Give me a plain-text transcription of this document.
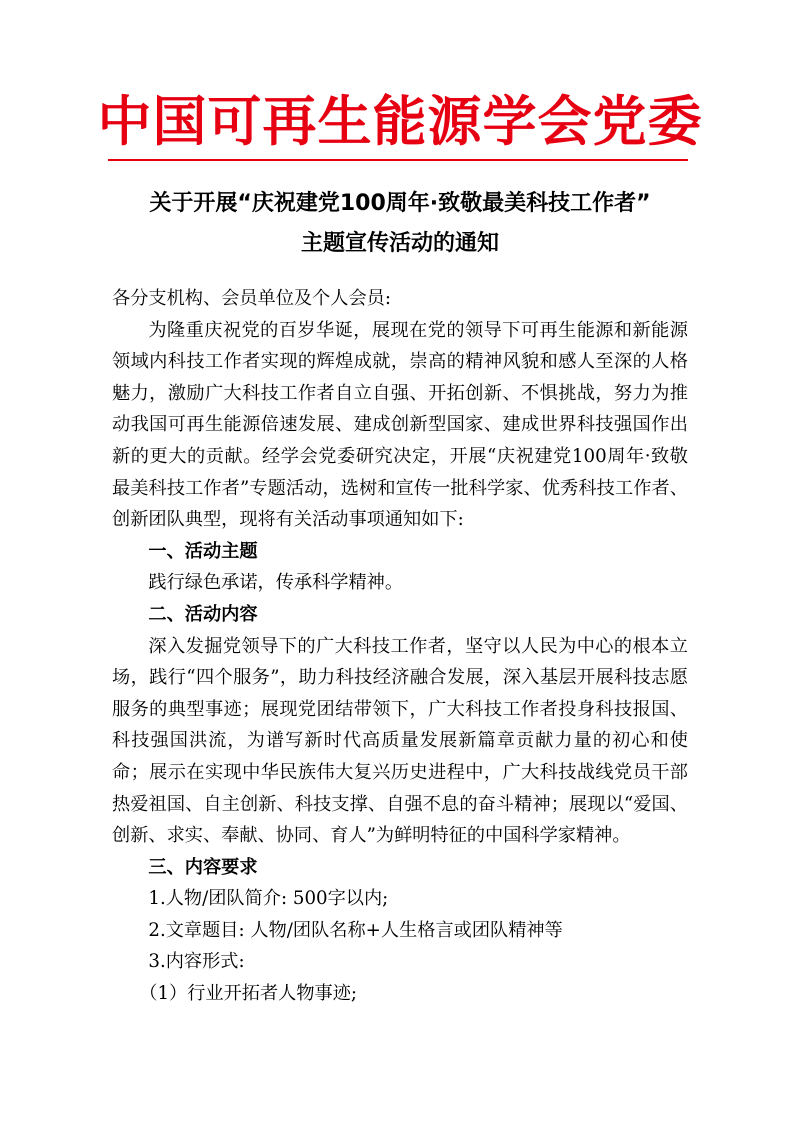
中国可再生能源学会党委
关于开展“庆祝建党100周年·致敬最美科技工作者”
主题宣传活动的通知

各分支机构、会员单位及个人会员:

为隆重庆祝党的百岁华诞，展现在党的领导下可再生能源和新能源领域内科技工作者实现的辉煌成就，崇高的精神风貌和感人至深的人格魅力，激励广大科技工作者自立自强、开拓创新、不惧挑战，努力为推动我国可再生能源倍速发展、建成创新型国家、建成世界科技强国作出新的更大的贡献。经学会党委研究决定，开展“庆祝建党100周年·致敬最美科技工作者”专题活动，选树和宣传一批科学家、优秀科技工作者、创新团队典型，现将有关活动事项通知如下:

一、活动主题

践行绿色承诺，传承科学精神。

二、活动内容

深入发掘党领导下的广大科技工作者，坚守以人民为中心的根本立场，践行“四个服务”，助力科技经济融合发展，深入基层开展科技志愿服务的典型事迹；展现党团结带领下，广大科技工作者投身科技报国、科技强国洪流，为谱写新时代高质量发展新篇章贡献力量的初心和使命；展示在实现中华民族伟大复兴历史进程中，广大科技战线党员干部热爱祖国、自主创新、科技支撑、自强不息的奋斗精神；展现以“爱国、创新、求实、奉献、协同、育人”为鲜明特征的中国科学家精神。

三、内容要求

1.人物/团队简介: 500字以内;

2.文章题目: 人物/团队名称+人生格言或团队精神等

3.内容形式:

（1）行业开拓者人物事迹;
